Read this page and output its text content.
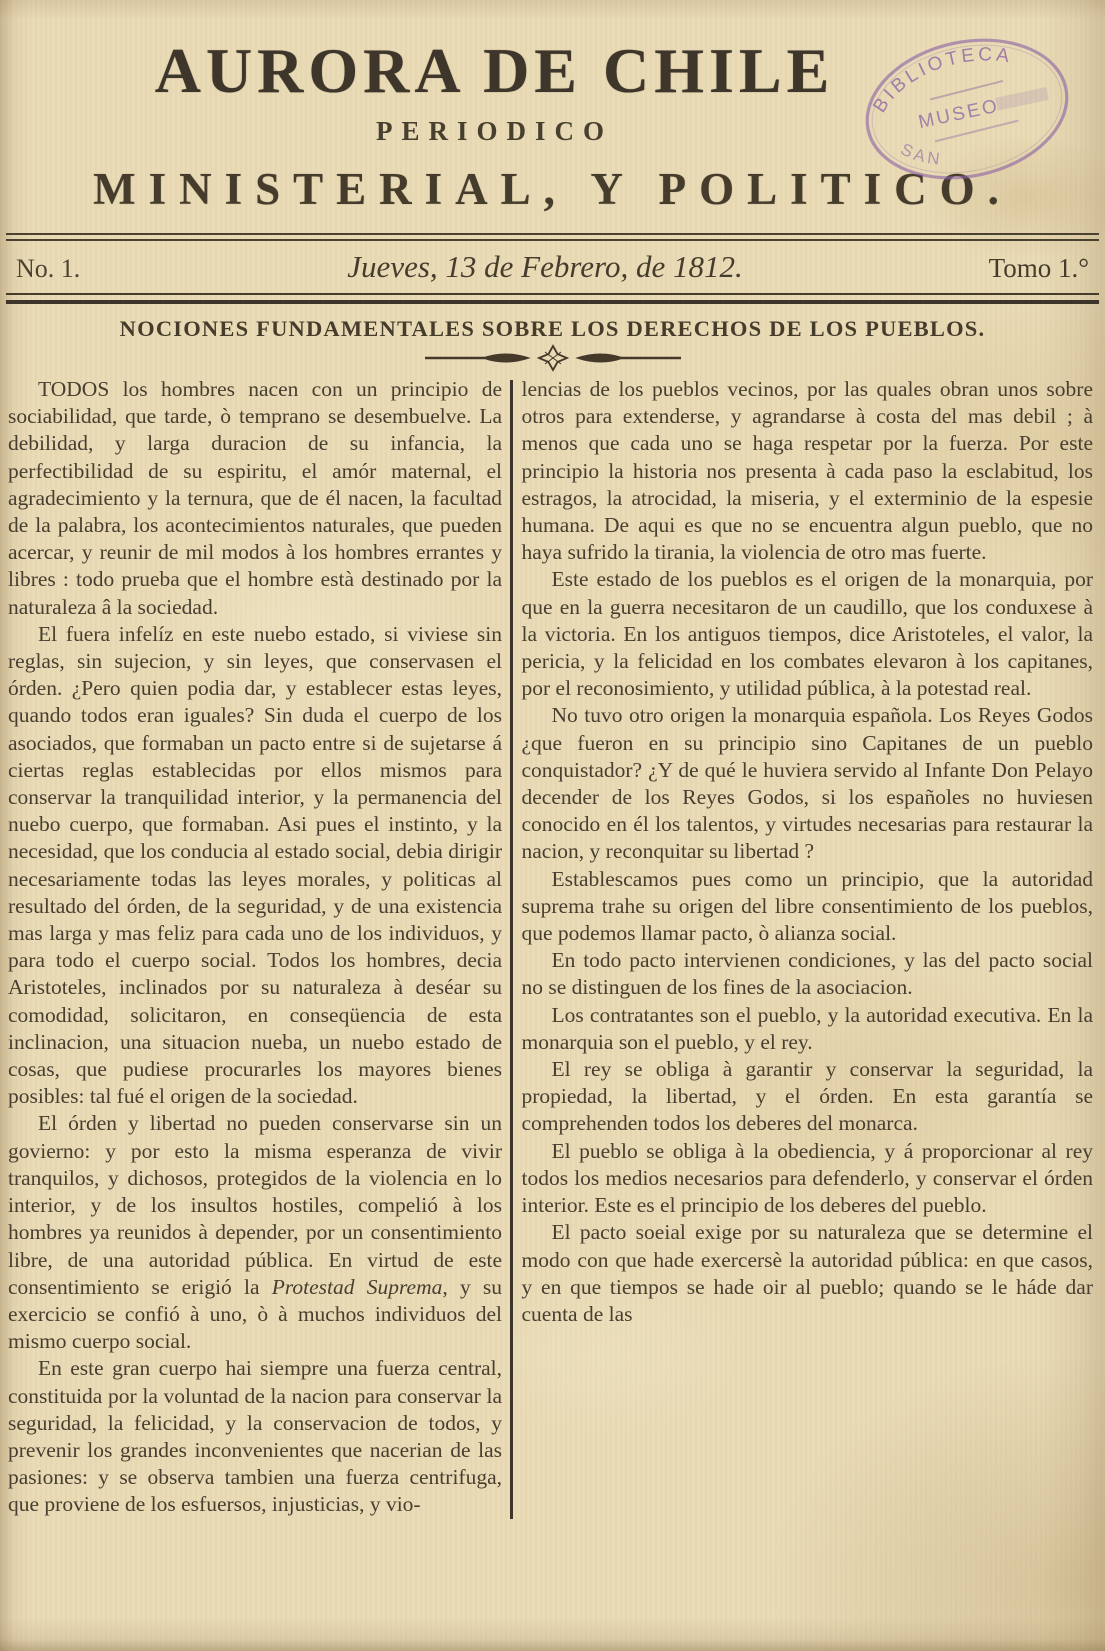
AURORA DE CHILE
PERIODICO
MINISTERIAL, Y POLITICO.
BIBLIOTECA
MUSEO
SAN
No. 1.	Jueves, 13 de Febrero, de 1812.	Tomo 1.°
NOCIONES FUNDAMENTALES SOBRE LOS DERECHOS DE LOS PUEBLOS.

TODOS los hombres nacen con un principio de sociabilidad, que tarde, ò temprano se desembuelve. La debilidad, y larga duracion de su infancia, la perfectibilidad de su espiritu, el amór maternal, el agradecimiento y la ternura, que de él nacen, la facultad de la palabra, los acontecimientos naturales, que pueden acercar, y reunir de mil modos à los hombres errantes y libres : todo prueba que el hombre està destinado por la naturaleza â la sociedad.

El fuera infelíz en este nuebo estado, si viviese sin reglas, sin sujecion, y sin leyes, que conservasen el órden. ¿Pero quien podia dar, y establecer estas leyes, quando todos eran iguales? Sin duda el cuerpo de los asociados, que formaban un pacto entre si de sujetarse á ciertas reglas establecidas por ellos mismos para conservar la tranquilidad interior, y la permanencia del nuebo cuerpo, que formaban. Asi pues el instinto, y la necesidad, que los conducia al estado social, debia dirigir necesariamente todas las leyes morales, y politicas al resultado del órden, de la seguridad, y de una existencia mas larga y mas feliz para cada uno de los individuos, y para todo el cuerpo social. Todos los hombres, decia Aristoteles, inclinados por su naturaleza à deséar su comodidad, solicitaron, en conseqüencia de esta inclinacion, una situacion nueba, un nuebo estado de cosas, que pudiese procurarles los mayores bienes posibles: tal fué el origen de la sociedad.

El órden y libertad no pueden conservarse sin un govierno: y por esto la misma esperanza de vivir tranquilos, y dichosos, protegidos de la violencia en lo interior, y de los insultos hostiles, compelió à los hombres ya reunidos à depender, por un consentimiento libre, de una autoridad pública. En virtud de este consentimiento se erigió la Protestad Suprema, y su exercicio se confió à uno, ò à muchos individuos del mismo cuerpo social.

En este gran cuerpo hai siempre una fuerza central, constituida por la voluntad de la nacion para conservar la seguridad, la felicidad, y la conservacion de todos, y prevenir los grandes inconvenientes que nacerian de las pasiones: y se observa tambien una fuerza centrifuga, que proviene de los esfuersos, injusticias, y vio-

lencias de los pueblos vecinos, por las quales obran unos sobre otros para extenderse, y agrandarse à costa del mas debil ; à menos que cada uno se haga respetar por la fuerza. Por este principio la historia nos presenta à cada paso la esclabitud, los estragos, la atrocidad, la miseria, y el exterminio de la espesie humana. De aqui es que no se encuentra algun pueblo, que no haya sufrido la tirania, la violencia de otro mas fuerte.

Este estado de los pueblos es el origen de la monarquia, por que en la guerra necesitaron de un caudillo, que los conduxese à la victoria. En los antiguos tiempos, dice Aristoteles, el valor, la pericia, y la felicidad en los combates elevaron à los capitanes, por el reconosimiento, y utilidad pública, à la potestad real.

No tuvo otro origen la monarquia española. Los Reyes Godos ¿que fueron en su principio sino Capitanes de un pueblo conquistador? ¿Y de qué le huviera servido al Infante Don Pelayo decender de los Reyes Godos, si los españoles no huviesen conocido en él los talentos, y virtudes necesarias para restaurar la nacion, y reconquitar su libertad ?

Establescamos pues como un principio, que la autoridad suprema trahe su origen del libre consentimiento de los pueblos, que podemos llamar pacto, ò alianza social.

En todo pacto intervienen condiciones, y las del pacto social no se distinguen de los fines de la asociacion.

Los contratantes son el pueblo, y la autoridad executiva. En la monarquia son el pueblo, y el rey.

El rey se obliga à garantir y conservar la seguridad, la propiedad, la libertad, y el órden. En esta garantía se comprehenden todos los deberes del monarca.

El pueblo se obliga à la obediencia, y á proporcionar al rey todos los medios necesarios para defenderlo, y conservar el órden interior. Este es el principio de los deberes del pueblo.

El pacto soeial exige por su naturaleza que se determine el modo con que hade exercersè la autoridad pública: en que casos, y en que tiempos se hade oir al pueblo; quando se le háde dar cuenta de las
